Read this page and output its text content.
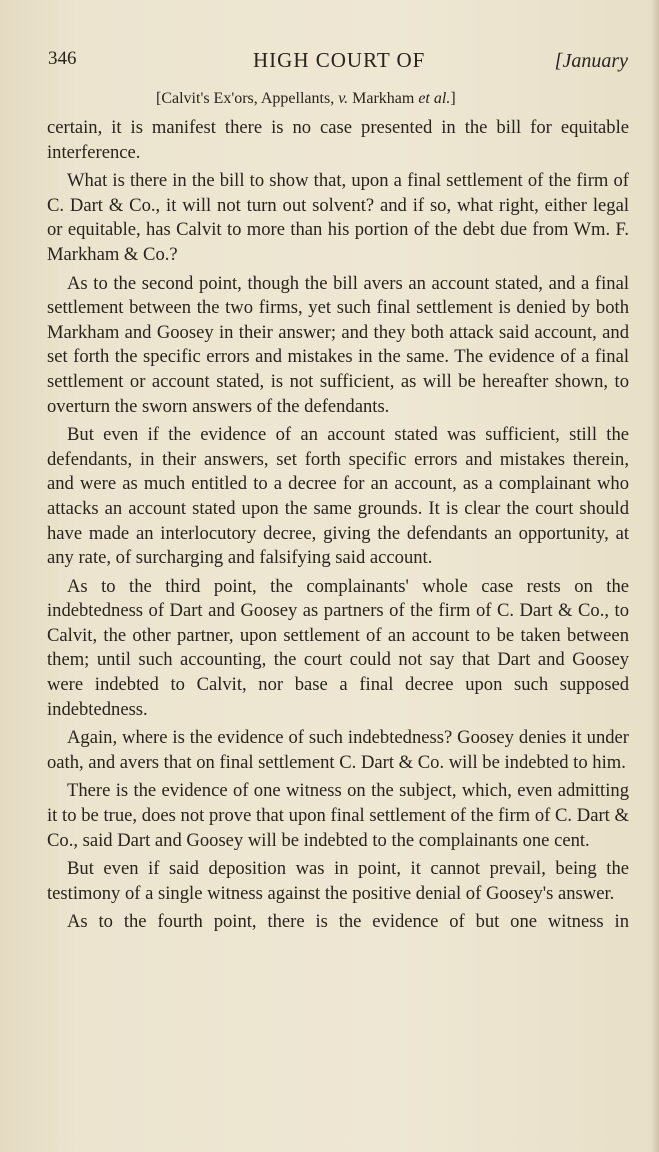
346	HIGH COURT OF	[January
[Calvit's Ex'ors, Appellants, v. Markham et al.]

certain, it is manifest there is no case presented in the bill for equitable interference.

What is there in the bill to show that, upon a final settlement of the firm of C. Dart & Co., it will not turn out solvent? and if so, what right, either legal or equitable, has Calvit to more than his portion of the debt due from Wm. F. Markham & Co.?

As to the second point, though the bill avers an account stated, and a final settlement between the two firms, yet such final settlement is denied by both Markham and Goosey in their answer; and they both attack said account, and set forth the specific errors and mistakes in the same. The evidence of a final settlement or account stated, is not sufficient, as will be hereafter shown, to overturn the sworn answers of the defendants.

But even if the evidence of an account stated was sufficient, still the defendants, in their answers, set forth specific errors and mistakes therein, and were as much entitled to a decree for an account, as a complainant who attacks an account stated upon the same grounds. It is clear the court should have made an interlocutory decree, giving the defendants an opportunity, at any rate, of surcharging and falsifying said account.

As to the third point, the complainants' whole case rests on the indebtedness of Dart and Goosey as partners of the firm of C. Dart & Co., to Calvit, the other partner, upon settlement of an account to be taken between them; until such accounting, the court could not say that Dart and Goosey were indebted to Calvit, nor base a final decree upon such supposed indebtedness.

Again, where is the evidence of such indebtedness? Goosey denies it under oath, and avers that on final settlement C. Dart & Co. will be indebted to him.

There is the evidence of one witness on the subject, which, even admitting it to be true, does not prove that upon final settlement of the firm of C. Dart & Co., said Dart and Goosey will be indebted to the complainants one cent.

But even if said deposition was in point, it cannot prevail, being the testimony of a single witness against the positive denial of Goosey's answer.

As to the fourth point, there is the evidence of but one witness in
